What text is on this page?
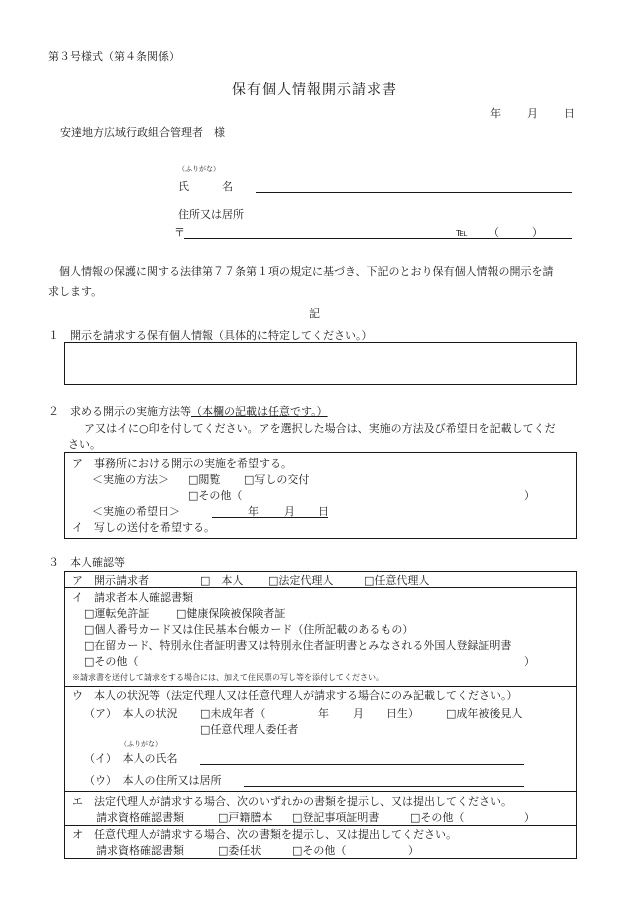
第３号様式（第４条関係）
保有個人情報開示請求書
年 月 日
安達地方広域行政組合管理者　様
（ふりがな）
氏　　　名
住所又は居所
〒	℡ （　　　）
　個人情報の保護に関する法律第７７条第１項の規定に基づき、下記のとおり保有個人情報の開示を請
求します。
記
１　開示を請求する保有個人情報（具体的に特定してください。）
２　求める開示の実施方法等（本欄の記載は任意です。）
ア又はイに○印を付してください。アを選択した場合は、実施の方法及び希望日を記載してくだ
さい。
ア　事務所における開示の実施を希望する。
＜実施の方法＞ □閲覧 □写しの交付
□その他（	）
＜実施の希望日＞	年 月 日
イ　写しの送付を希望する。
３　本人確認等
ア　開示請求者	□　本人 □法定代理人	□任意代理人
イ　請求者本人確認書類
□運転免許証 □健康保険被保険者証
□個人番号カード又は住民基本台帳カード（住所記載のあるもの）
□在留カード、特別永住者証明書又は特別永住者証明書とみなされる外国人登録証明書
□その他（	）
※請求書を送付して請求をする場合には、加えて住民票の写し等を添付してください。
ウ　本人の状況等（法定代理人又は任意代理人が請求する場合にのみ記載してください。）
（ア）　本人の状況 □未成年者（	年 月 日生） □成年被後見人
□任意代理人委任者
（ふりがな）
（イ）　本人の氏名
（ウ）　本人の住所又は居所
エ　法定代理人が請求する場合、次のいずれかの書類を提示し、又は提出してください。
請求資格確認書類	□戸籍謄本 □登記事項証明書	□その他（	）
オ　任意代理人が請求する場合、次の書類を提示し、又は提出してください。
請求資格確認書類	□委任状	□その他（	）
